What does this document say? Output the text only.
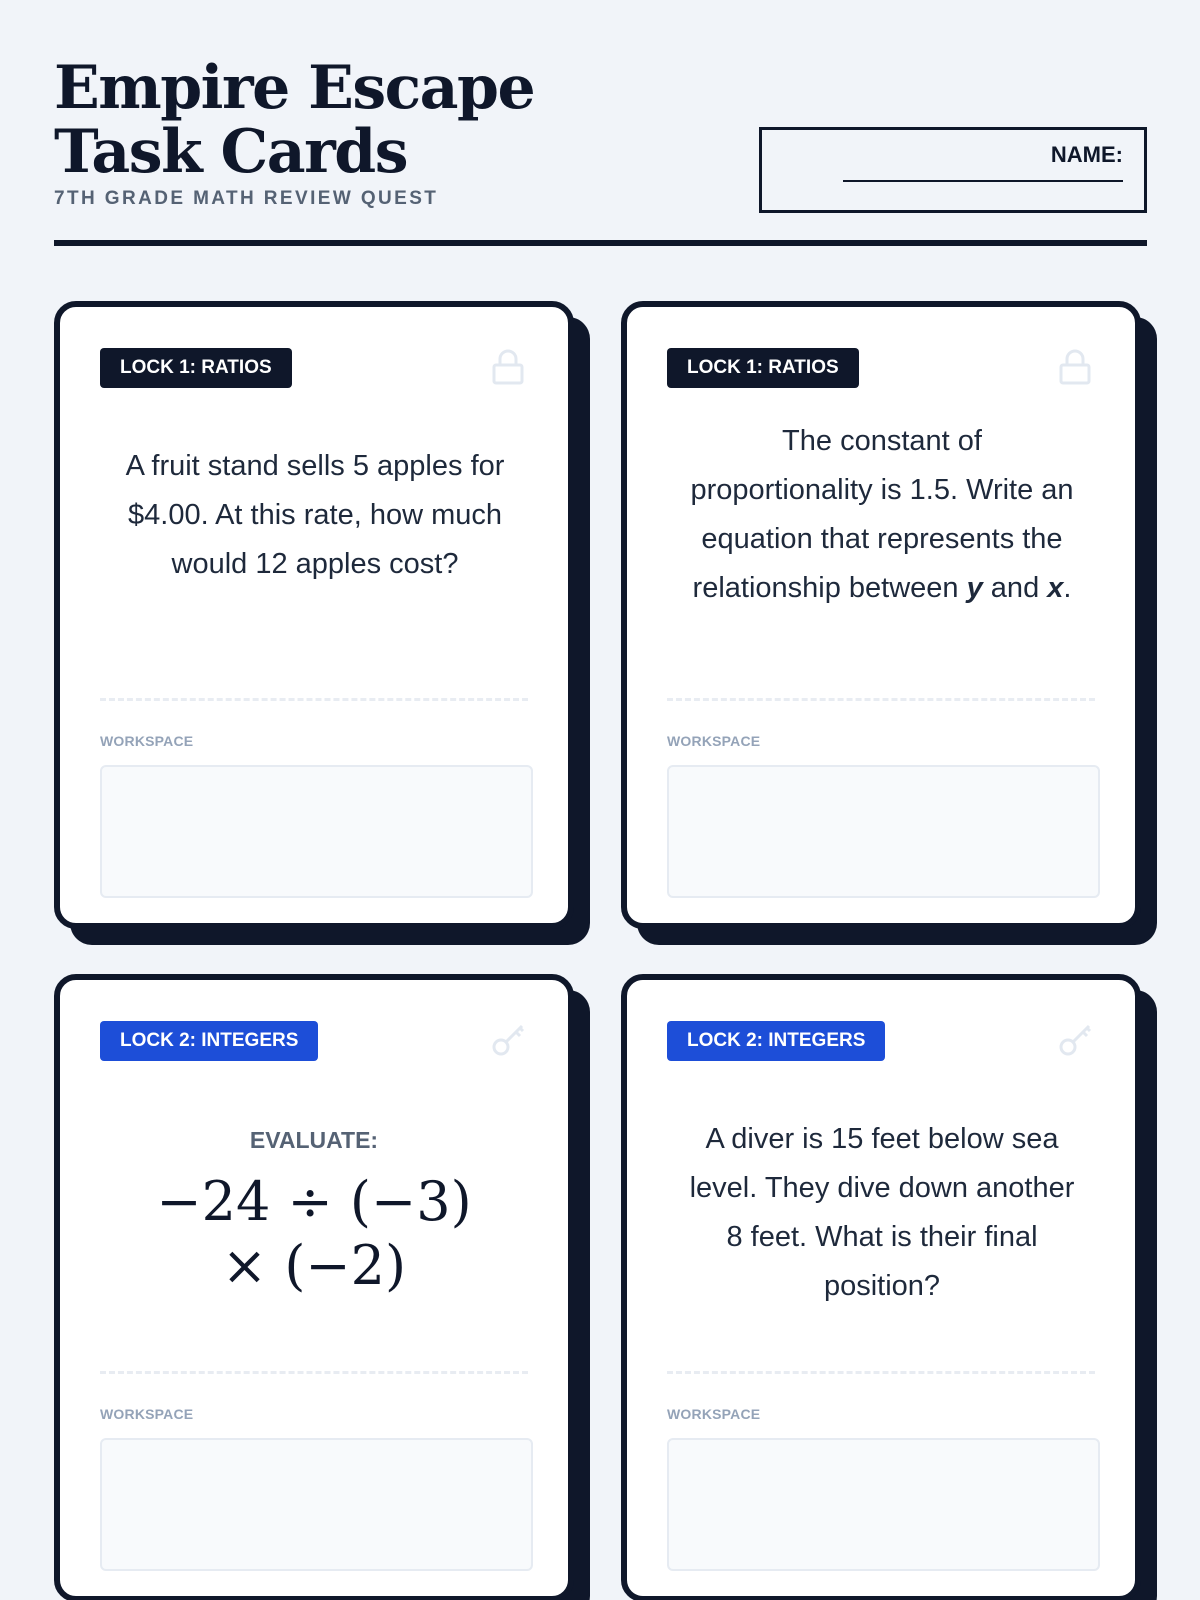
Empire Escape Task Cards
7TH GRADE MATH REVIEW QUEST
NAME:
LOCK 1: RATIOS

A fruit stand sells 5 apples for $4.00. At this rate, how much would 12 apples cost?

WORKSPACE
LOCK 1: RATIOS

The constant of proportionality is 1.5. Write an equation that represents the relationship between y and x.

WORKSPACE
LOCK 2: INTEGERS
EVALUATE:
−24 ÷ (−3)
× (−2)
WORKSPACE
LOCK 2: INTEGERS

A diver is 15 feet below sea level. They dive down another 8 feet. What is their final position?

WORKSPACE
